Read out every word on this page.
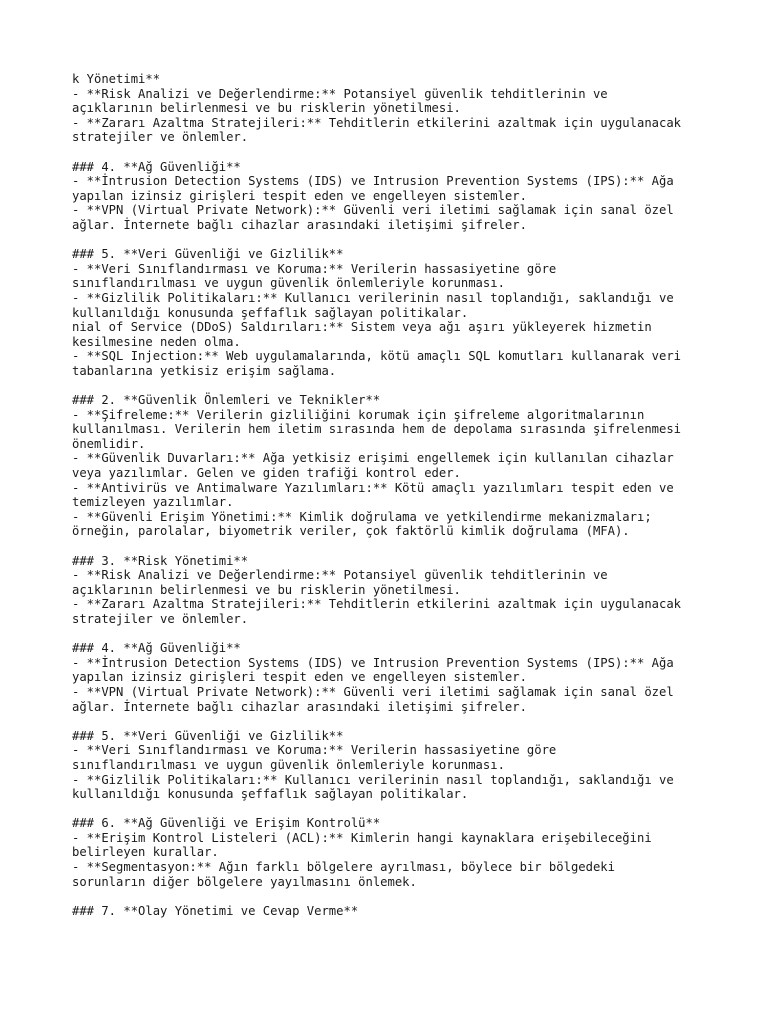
k Yönetimi**
- **Risk Analizi ve Değerlendirme:** Potansiyel güvenlik tehditlerinin ve
açıklarının belirlenmesi ve bu risklerin yönetilmesi.
- **Zararı Azaltma Stratejileri:** Tehditlerin etkilerini azaltmak için uygulanacak
stratejiler ve önlemler.
### 4. **Ağ Güvenliği**
- **İntrusion Detection Systems (IDS) ve Intrusion Prevention Systems (IPS):** Ağa
yapılan izinsiz girişleri tespit eden ve engelleyen sistemler.
- **VPN (Virtual Private Network):** Güvenli veri iletimi sağlamak için sanal özel
ağlar. İnternete bağlı cihazlar arasındaki iletişimi şifreler.
### 5. **Veri Güvenliği ve Gizlilik**
- **Veri Sınıflandırması ve Koruma:** Verilerin hassasiyetine göre
sınıflandırılması ve uygun güvenlik önlemleriyle korunması.
- **Gizlilik Politikaları:** Kullanıcı verilerinin nasıl toplandığı, saklandığı ve
kullanıldığı konusunda şeffaflık sağlayan politikalar.
nial of Service (DDoS) Saldırıları:** Sistem veya ağı aşırı yükleyerek hizmetin
kesilmesine neden olma.
- **SQL Injection:** Web uygulamalarında, kötü amaçlı SQL komutları kullanarak veri
tabanlarına yetkisiz erişim sağlama.
### 2. **Güvenlik Önlemleri ve Teknikler**
- **Şifreleme:** Verilerin gizliliğini korumak için şifreleme algoritmalarının
kullanılması. Verilerin hem iletim sırasında hem de depolama sırasında şifrelenmesi
önemlidir.
- **Güvenlik Duvarları:** Ağa yetkisiz erişimi engellemek için kullanılan cihazlar
veya yazılımlar. Gelen ve giden trafiği kontrol eder.
- **Antivirüs ve Antimalware Yazılımları:** Kötü amaçlı yazılımları tespit eden ve
temizleyen yazılımlar.
- **Güvenli Erişim Yönetimi:** Kimlik doğrulama ve yetkilendirme mekanizmaları;
örneğin, parolalar, biyometrik veriler, çok faktörlü kimlik doğrulama (MFA).
### 3. **Risk Yönetimi**
- **Risk Analizi ve Değerlendirme:** Potansiyel güvenlik tehditlerinin ve
açıklarının belirlenmesi ve bu risklerin yönetilmesi.
- **Zararı Azaltma Stratejileri:** Tehditlerin etkilerini azaltmak için uygulanacak
stratejiler ve önlemler.
### 4. **Ağ Güvenliği**
- **İntrusion Detection Systems (IDS) ve Intrusion Prevention Systems (IPS):** Ağa
yapılan izinsiz girişleri tespit eden ve engelleyen sistemler.
- **VPN (Virtual Private Network):** Güvenli veri iletimi sağlamak için sanal özel
ağlar. İnternete bağlı cihazlar arasındaki iletişimi şifreler.
### 5. **Veri Güvenliği ve Gizlilik**
- **Veri Sınıflandırması ve Koruma:** Verilerin hassasiyetine göre
sınıflandırılması ve uygun güvenlik önlemleriyle korunması.
- **Gizlilik Politikaları:** Kullanıcı verilerinin nasıl toplandığı, saklandığı ve
kullanıldığı konusunda şeffaflık sağlayan politikalar.
### 6. **Ağ Güvenliği ve Erişim Kontrolü**
- **Erişim Kontrol Listeleri (ACL):** Kimlerin hangi kaynaklara erişebileceğini
belirleyen kurallar.
- **Segmentasyon:** Ağın farklı bölgelere ayrılması, böylece bir bölgedeki
sorunların diğer bölgelere yayılmasını önlemek.
### 7. **Olay Yönetimi ve Cevap Verme**
